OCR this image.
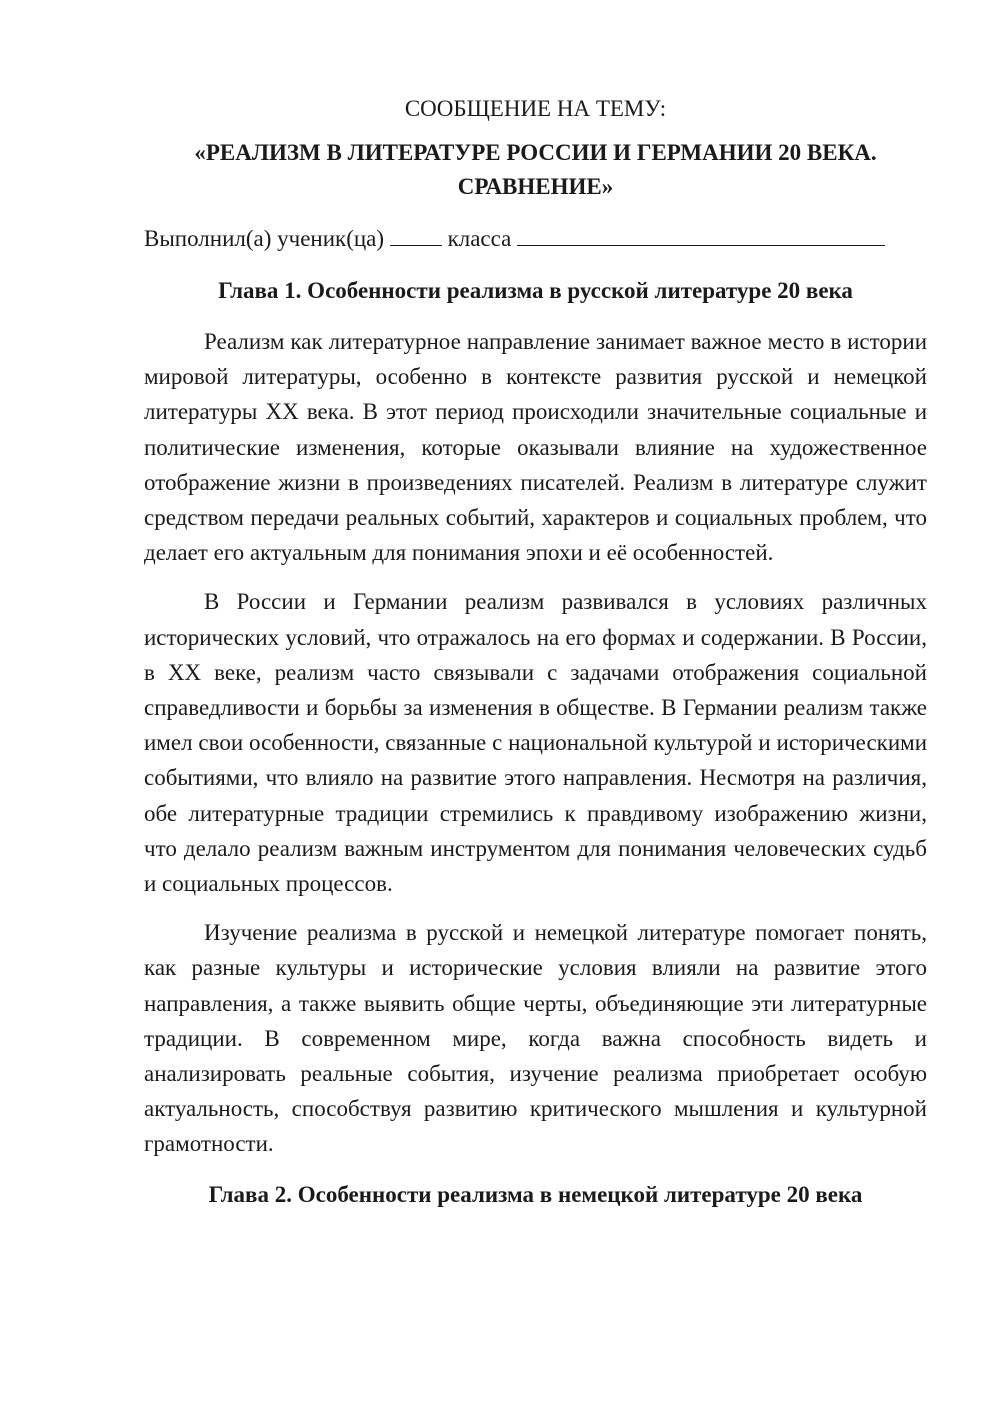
СООБЩЕНИЕ НА ТЕМУ:

«РЕАЛИЗМ В ЛИТЕРАТУРЕ РОССИИ И ГЕРМАНИИ 20 ВЕКА. СРАВНЕНИЕ»

Выполнил(а) ученик(ца)	класса

Глава 1. Особенности реализма в русской литературе 20 века

Реализм как литературное направление занимает важное место в истории мировой литературы, особенно в контексте развития русской и немецкой литературы XX века. В этот период происходили значительные социальные и политические изменения, которые оказывали влияние на художественное отображение жизни в произведениях писателей. Реализм в литературе служит средством передачи реальных событий, характеров и социальных проблем, что делает его актуальным для понимания эпохи и её особенностей.

В России и Германии реализм развивался в условиях различных исторических условий, что отражалось на его формах и содержании. В России, в XX веке, реализм часто связывали с задачами отображения социальной справедливости и борьбы за изменения в обществе. В Германии реализм также имел свои особенности, связанные с национальной культурой и историческими событиями, что влияло на развитие этого направления. Несмотря на различия, обе литературные традиции стремились к правдивому изображению жизни, что делало реализм важным инструментом для понимания человеческих судьб и социальных процессов.

Изучение реализма в русской и немецкой литературе помогает понять, как разные культуры и исторические условия влияли на развитие этого направления, а также выявить общие черты, объединяющие эти литературные традиции. В современном мире, когда важна способность видеть и анализировать реальные события, изучение реализма приобретает особую актуальность, способствуя развитию критического мышления и культурной грамотности.

Глава 2. Особенности реализма в немецкой литературе 20 века
